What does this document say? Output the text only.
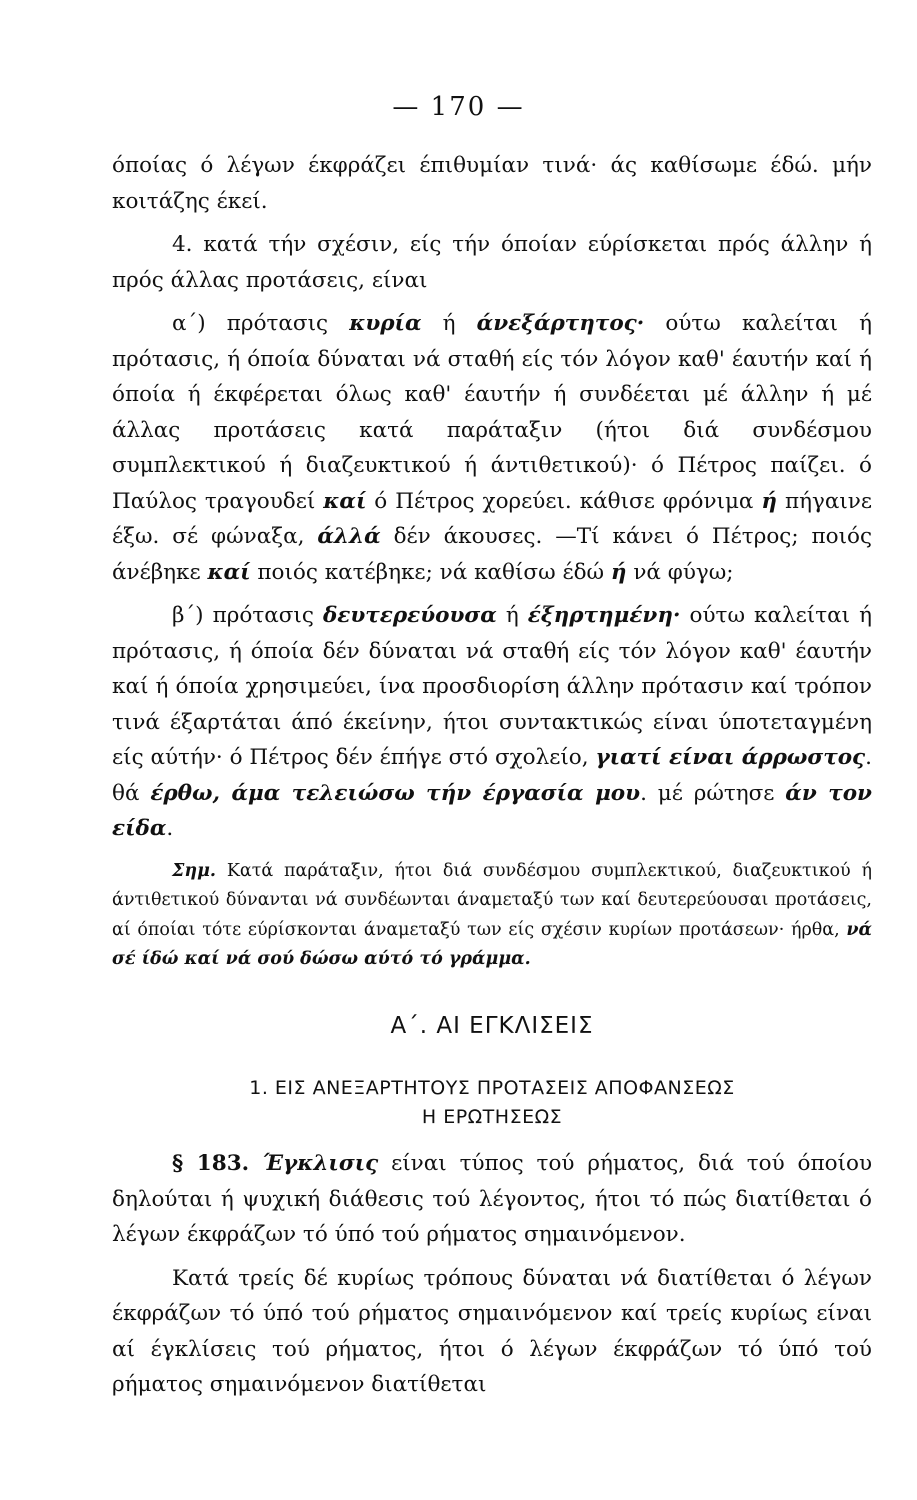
— 170 —

όποίας ό λέγων έκφράζει έπιθυμίαν τινά· άς καθίσωμε έδώ. μήν κοιτάζης έκεί.

4. κατά τήν σχέσιν, είς τήν όποίαν εύρίσκεται πρός άλλην ή πρός άλλας προτάσεις, είναι

α΄) πρότασις κυρία ή άνεξάρτητος· ούτω καλείται ή πρότασις, ή όποία δύναται νά σταθή είς τόν λόγον καθ' έαυτήν καί ή όποία ή έκφέρεται όλως καθ' έαυτήν ή συνδέεται μέ άλλην ή μέ άλλας προτάσεις κατά παράταξιν (ήτοι διά συνδέσμου συμπλεκτικού ή διαζευκτικού ή άντιθετικού)· ό Πέτρος παίζει. ό Παύλος τραγουδεί καί ό Πέτρος χορεύει. κάθισε φρόνιμα ή πήγαινε έξω. σέ φώναξα, άλλά δέν άκουσες. —Τί κάνει ό Πέτρος; ποιός άνέβηκε καί ποιός κατέβηκε; νά καθίσω έδώ ή νά φύγω;

β΄) πρότασις δευτερεύουσα ή έξηρτημένη· ούτω καλείται ή πρότασις, ή όποία δέν δύναται νά σταθή είς τόν λόγον καθ' έαυτήν καί ή όποία χρησιμεύει, ίνα προσδιορίση άλλην πρότασιν καί τρόπον τινά έξαρτάται άπό έκείνην, ήτοι συντακτικώς είναι ύποτεταγμένη είς αύτήν· ό Πέτρος δέν έπήγε στό σχολείο, γιατί είναι άρρωστος. θά έρθω, άμα τελειώσω τήν έργασία μου. μέ ρώτησε άν τον είδα.

Σημ. Κατά παράταξιν, ήτοι διά συνδέσμου συμπλεκτικού, διαζευκτικού ή άντιθετικού δύνανται νά συνδέωνται άναμεταξύ των καί δευτερεύουσαι προτάσεις, αί όποίαι τότε εύρίσκονται άναμεταξύ των είς σχέσιν κυρίων προτάσεων· ήρθα, νά σέ ίδώ καί νά σού δώσω αύτό τό γράμμα.

Α΄. ΑΙ ΕΓΚΛΙΣΕΙΣ
1. ΕΙΣ ΑΝΕΞΑΡΤΗΤΟΥΣ ΠΡΟΤΑΣΕΙΣ ΑΠΟΦΑΝΣΕΩΣ
Η ΕΡΩΤΗΣΕΩΣ

§ 183. Έγκλισις είναι τύπος τού ρήματος, διά τού όποίου δηλούται ή ψυχική διάθεσις τού λέγοντος, ήτοι τό πώς διατίθεται ό λέγων έκφράζων τό ύπό τού ρήματος σημαινόμενον.

Κατά τρείς δέ κυρίως τρόπους δύναται νά διατίθεται ό λέγων έκφράζων τό ύπό τού ρήματος σημαινόμενον καί τρείς κυρίως είναι αί έγκλίσεις τού ρήματος, ήτοι ό λέγων έκφράζων τό ύπό τού ρήματος σημαινόμενον διατίθεται
